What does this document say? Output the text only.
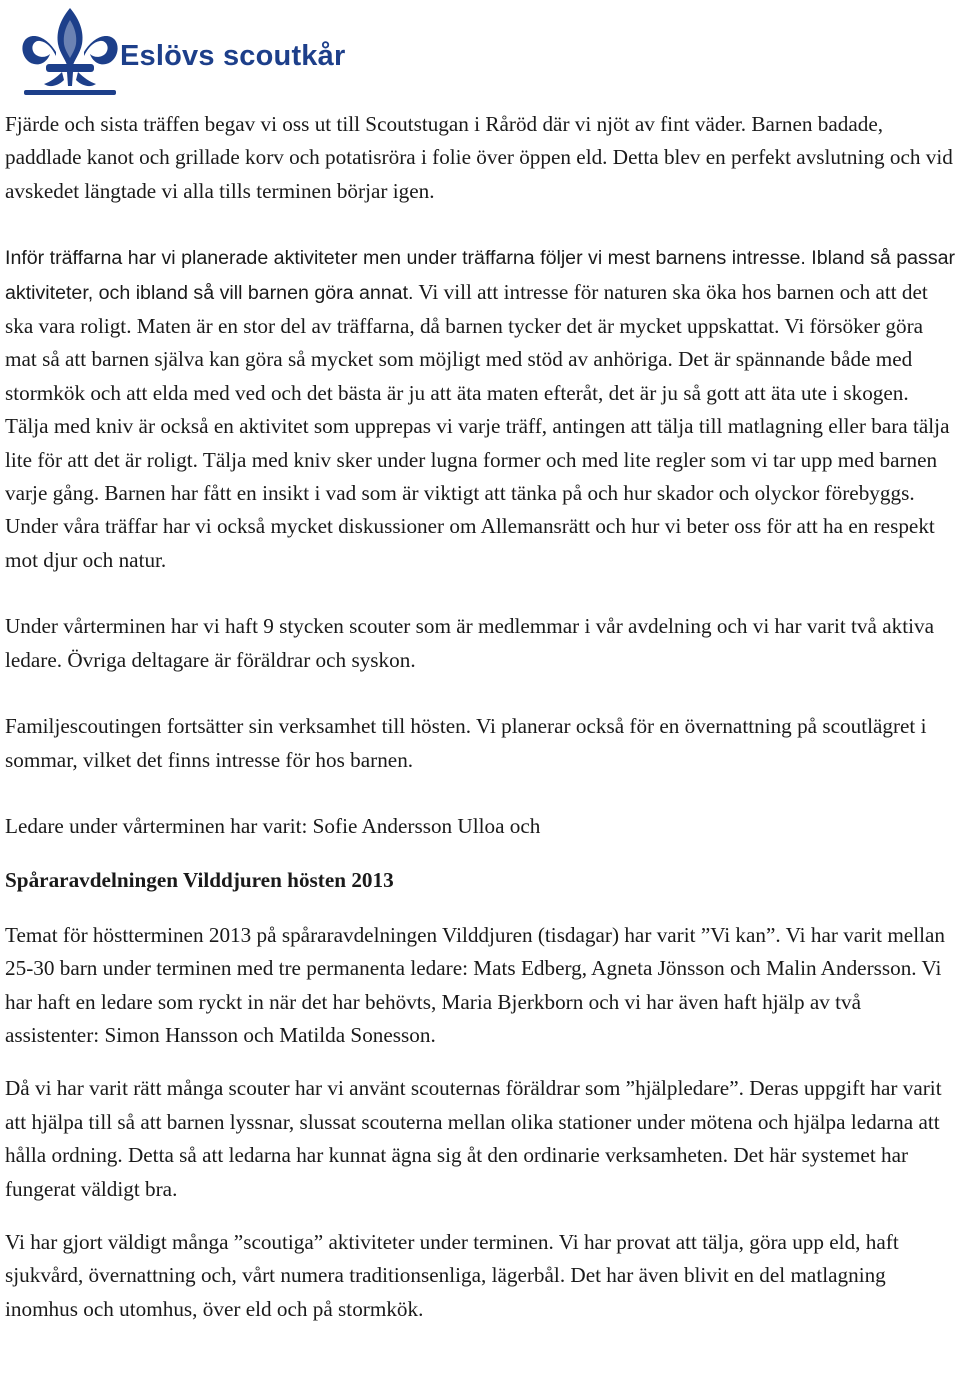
Eslövs scoutkår

Fjärde och sista träffen begav vi oss ut till Scoutstugan i Råröd där vi njöt av fint väder. Barnen badade, paddlade kanot och grillade korv och potatisröra i folie över öppen eld. Detta blev en perfekt avslutning och vid avskedet längtade vi alla tills terminen börjar igen.

Inför träffarna har vi planerade aktiviteter men under träffarna följer vi mest barnens intresse. Ibland så passar aktiviteter, och ibland så vill barnen göra annat. Vi vill att intresse för naturen ska öka hos barnen och att det ska vara roligt. Maten är en stor del av träffarna, då barnen tycker det är mycket uppskattat. Vi försöker göra mat så att barnen själva kan göra så mycket som möjligt med stöd av anhöriga. Det är spännande både med stormkök och att elda med ved och det bästa är ju att äta maten efteråt, det är ju så gott att äta ute i skogen. Tälja med kniv är också en aktivitet som upprepas vi varje träff, antingen att tälja till matlagning eller bara tälja lite för att det är roligt. Tälja med kniv sker under lugna former och med lite regler som vi tar upp med barnen varje gång. Barnen har fått en insikt i vad som är viktigt att tänka på och hur skador och olyckor förebyggs. Under våra träffar har vi också mycket diskussioner om Allemansrätt och hur vi beter oss för att ha en respekt mot djur och natur.

Under vårterminen har vi haft 9 stycken scouter som är medlemmar i vår avdelning och vi har varit två aktiva ledare. Övriga deltagare är föräldrar och syskon.

Familjescoutingen fortsätter sin verksamhet till hösten. Vi planerar också för en övernattning på scoutlägret i sommar, vilket det finns intresse för hos barnen.

Ledare under vårterminen har varit: Sofie Andersson Ulloa och

Spåraravdelningen Vilddjuren hösten 2013

Temat för höstterminen 2013 på spåraravdelningen Vilddjuren (tisdagar) har varit ”Vi kan”. Vi har varit mellan 25-30 barn under terminen med tre permanenta ledare: Mats Edberg, Agneta Jönsson och Malin Andersson. Vi har haft en ledare som ryckt in när det har behövts, Maria Bjerkborn och vi har även haft hjälp av två assistenter: Simon Hansson och Matilda Sonesson.

Då vi har varit rätt många scouter har vi använt scouternas föräldrar som ”hjälpledare”. Deras uppgift har varit att hjälpa till så att barnen lyssnar, slussat scouterna mellan olika stationer under mötena och hjälpa ledarna att hålla ordning. Detta så att ledarna har kunnat ägna sig åt den ordinarie verksamheten. Det här systemet har fungerat väldigt bra.

Vi har gjort väldigt många ”scoutiga” aktiviteter under terminen. Vi har provat att tälja, göra upp eld, haft sjukvård, övernattning och, vårt numera traditionsenliga, lägerbål. Det har även blivit en del matlagning inomhus och utomhus, över eld och på stormkök.
